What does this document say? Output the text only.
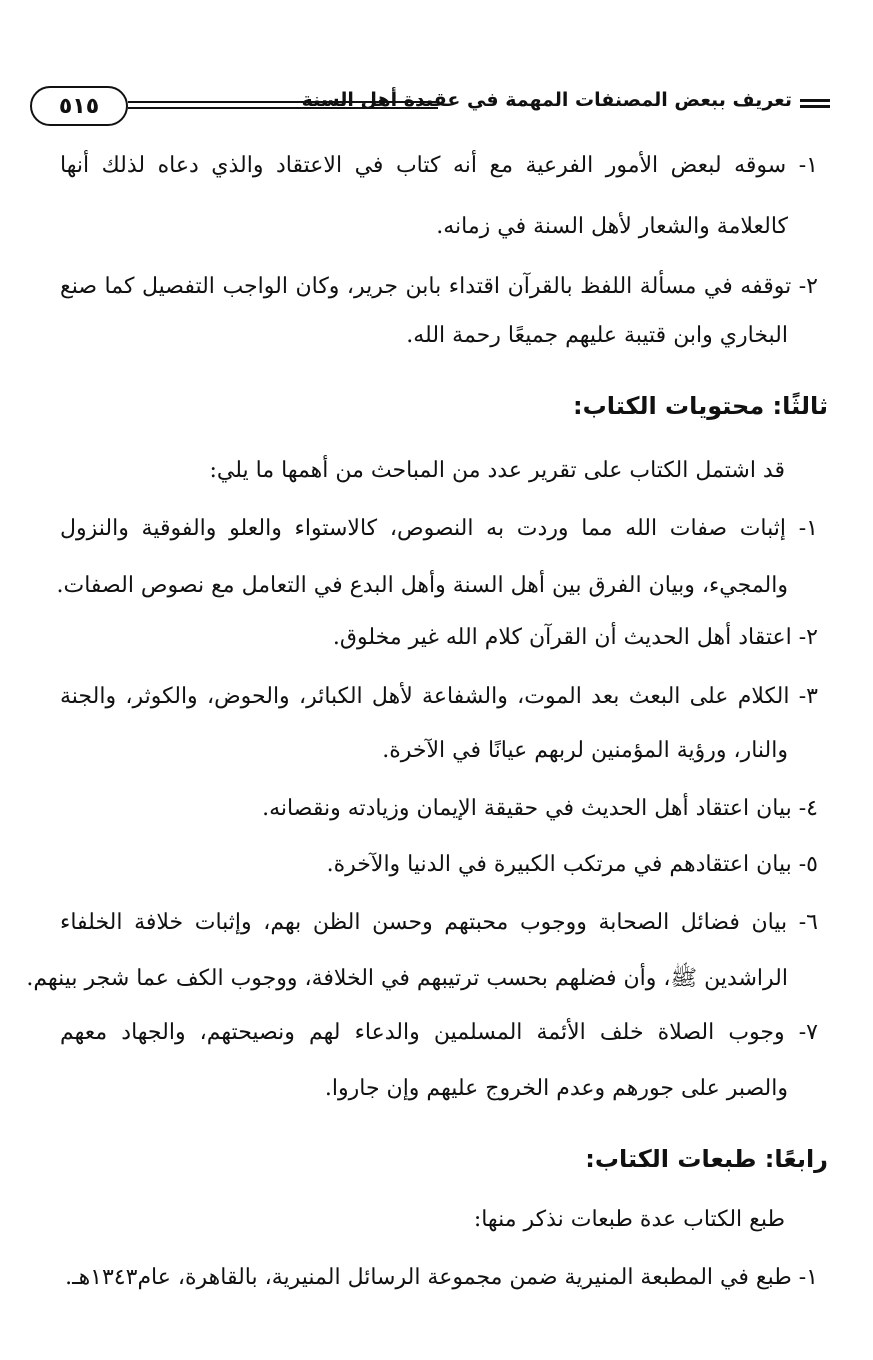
٥١٥	تعريف ببعض المصنفات المهمة في عقيدة أهل السنة
١- سوقه لبعض الأمور الفرعية مع أنه كتاب في الاعتقاد والذي دعاه لذلك أنها
كالعلامة والشعار لأهل السنة في زمانه.
٢- توقفه في مسألة اللفظ بالقرآن اقتداء بابن جرير، وكان الواجب التفصيل كما صنع
البخاري وابن قتيبة عليهم جميعًا رحمة الله.
ثالثًا: محتويات الكتاب:
قد اشتمل الكتاب على تقرير عدد من المباحث من أهمها ما يلي:
١- إثبات صفات الله مما وردت به النصوص، كالاستواء والعلو والفوقية والنزول
والمجيء، وبيان الفرق بين أهل السنة وأهل البدع في التعامل مع نصوص الصفات.
٢- اعتقاد أهل الحديث أن القرآن كلام الله غير مخلوق.
٣- الكلام على البعث بعد الموت، والشفاعة لأهل الكبائر، والحوض، والكوثر، والجنة
والنار، ورؤية المؤمنين لربهم عيانًا في الآخرة.
٤- بيان اعتقاد أهل الحديث في حقيقة الإيمان وزيادته ونقصانه.
٥- بيان اعتقادهم في مرتكب الكبيرة في الدنيا والآخرة.
٦- بيان فضائل الصحابة ووجوب محبتهم وحسن الظن بهم، وإثبات خلافة الخلفاء
الراشدين ﷺ، وأن فضلهم بحسب ترتيبهم في الخلافة، ووجوب الكف عما شجر بينهم.
٧- وجوب الصلاة خلف الأئمة المسلمين والدعاء لهم ونصيحتهم، والجهاد معهم
والصبر على جورهم وعدم الخروج عليهم وإن جاروا.
رابعًا: طبعات الكتاب:
طبع الكتاب عدة طبعات نذكر منها:
١- طبع في المطبعة المنيرية ضمن مجموعة الرسائل المنيرية، بالقاهرة، عام١٣٤٣هـ.
